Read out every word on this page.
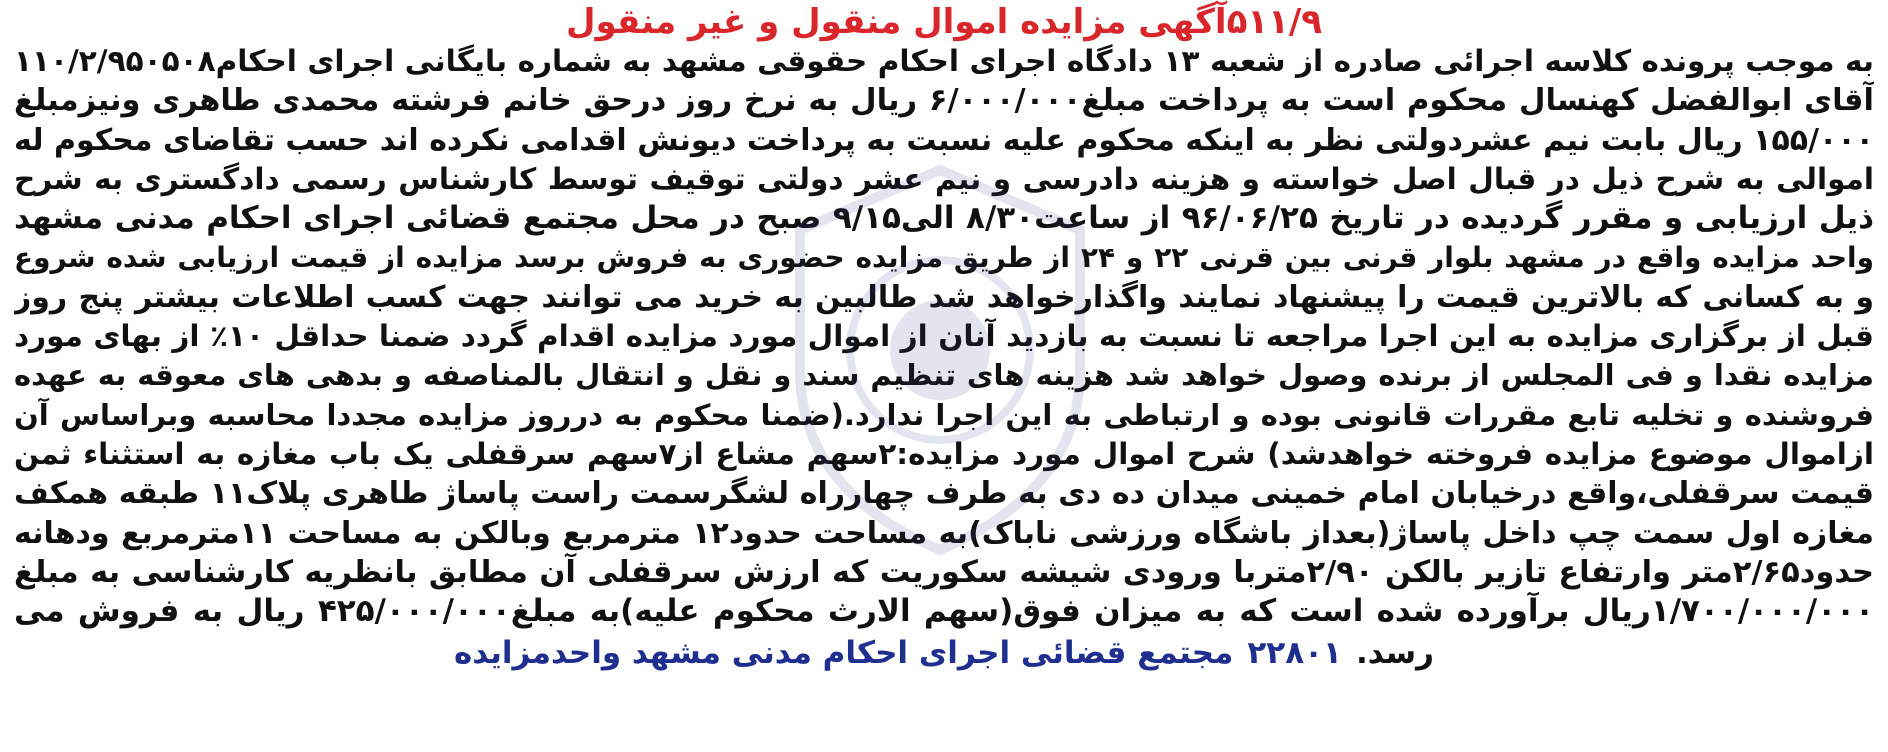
۵۱۱/۹آگهی مزایده اموال منقول و غیر منقول
به موجب پرونده کلاسه اجرائی صادره از شعبه ۱۳ دادگاه اجرای احکام حقوقی مشهد به شماره بایگانی اجرای احکام۱۱۰/۲/۹۵۰۵۰۸
آقای ابوالفضل کهنسال محکوم است به پرداخت مبلغ۶/۰۰۰/۰۰۰ ریال به نرخ روز درحق خانم فرشته محمدی طاهری ونیزمبلغ
۱۵۵/۰۰۰ ریال بابت نیم عشردولتی نظر به اینکه محکوم علیه نسبت به پرداخت دیونش اقدامی نکرده اند حسب تقاضای محکوم له
اموالی به شرح ذیل در قبال اصل خواسته و هزینه دادرسی و نیم عشر دولتی توقیف توسط کارشناس رسمی دادگستری به شرح
ذیل ارزیابی و مقرر گردیده در تاریخ ۹۶/۰۶/۲۵ از ساعت۸/۳۰ الی۹/۱۵ صبح در محل مجتمع قضائی اجرای احکام مدنی مشهد
واحد مزایده واقع در مشهد بلوار قرنی بین قرنی ۲۲ و ۲۴ از طریق مزایده حضوری به فروش برسد مزایده از قیمت ارزیابی شده شروع
و به کسانی که بالاترین قیمت را پیشنهاد نمایند واگذارخواهد شد طالبین به خرید می توانند جهت کسب اطلاعات بیشتر پنج روز
قبل از برگزاری مزایده به این اجرا مراجعه تا نسبت به بازدید آنان از اموال مورد مزایده اقدام گردد ضمنا حداقل ۱۰٪ از بهای مورد
مزایده نقدا و فی المجلس از برنده وصول خواهد شد هزینه های تنظیم سند و نقل و انتقال بالمناصفه و بدهی های معوقه به عهده
فروشنده و تخلیه تابع مقررات قانونی بوده و ارتباطی به این اجرا ندارد.(ضمنا محکوم به درروز مزایده مجددا محاسبه وبراساس آن
ازاموال موضوع مزایده فروخته خواهدشد) شرح اموال مورد مزایده:۲سهم مشاع از۷سهم سرقفلی یک باب مغازه به استثناء ثمن
قیمت سرقفلی،واقع درخیابان امام خمینی میدان ده دی به طرف چهارراه لشگرسمت راست پاساژ طاهری پلاک۱۱ طبقه همکف
مغازه اول سمت چپ داخل پاساژ(بعداز باشگاه ورزشی ناباک)به مساحت حدود۱۲ مترمربع وبالکن به مساحت ۱۱مترمربع ودهانه
حدود۲/۶۵متر وارتفاع تازیر بالکن ۲/۹۰متربا ورودی شیشه سکوریت که ارزش سرقفلی آن مطابق بانظریه کارشناسی به مبلغ
۱/۷۰۰/۰۰۰/۰۰۰ریال برآورده شده است که به میزان فوق(سهم الارث محکوم علیه)به مبلغ۴۲۵/۰۰۰/۰۰۰ ریال به فروش می
رسد.۲۲۸۰۱مجتمع قضائی اجرای احکام مدنی مشهد واحدمزایده
